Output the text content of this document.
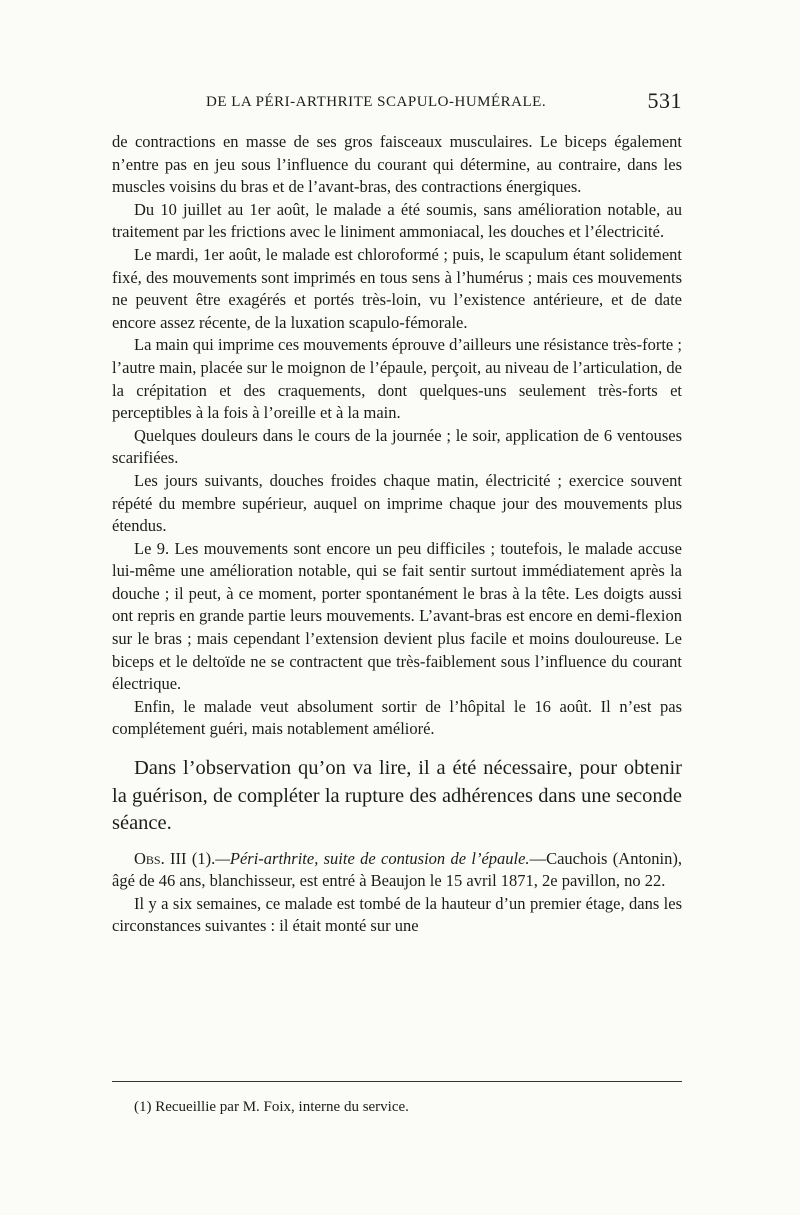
DE LA PÉRI-ARTHRITE SCAPULO-HUMÉRALE.	531

de contractions en masse de ses gros faisceaux musculaires. Le biceps également n’entre pas en jeu sous l’influence du courant qui détermine, au contraire, dans les muscles voisins du bras et de l’avant-bras, des contractions énergiques.

Du 10 juillet au 1er août, le malade a été soumis, sans amélioration notable, au traitement par les frictions avec le liniment ammoniacal, les douches et l’électricité.

Le mardi, 1er août, le malade est chloroformé ; puis, le scapulum étant solidement fixé, des mouvements sont imprimés en tous sens à l’humérus ; mais ces mouvements ne peuvent être exagérés et portés très-loin, vu l’existence antérieure, et de date encore assez récente, de la luxation scapulo-fémorale.

La main qui imprime ces mouvements éprouve d’ailleurs une résistance très-forte ; l’autre main, placée sur le moignon de l’épaule, perçoit, au niveau de l’articulation, de la crépitation et des craquements, dont quelques-uns seulement très-forts et perceptibles à la fois à l’oreille et à la main.

Quelques douleurs dans le cours de la journée ; le soir, application de 6 ventouses scarifiées.

Les jours suivants, douches froides chaque matin, électricité ; exercice souvent répété du membre supérieur, auquel on imprime chaque jour des mouvements plus étendus.

Le 9. Les mouvements sont encore un peu difficiles ; toutefois, le malade accuse lui-même une amélioration notable, qui se fait sentir surtout immédiatement après la douche ; il peut, à ce moment, porter spontanément le bras à la tête. Les doigts aussi ont repris en grande partie leurs mouvements. L’avant-bras est encore en demi-flexion sur le bras ; mais cependant l’extension devient plus facile et moins douloureuse. Le biceps et le deltoïde ne se contractent que très-faiblement sous l’influence du courant électrique.

Enfin, le malade veut absolument sortir de l’hôpital le 16 août. Il n’est pas complétement guéri, mais notablement amélioré.

Dans l’observation qu’on va lire, il a été nécessaire, pour obtenir la guérison, de compléter la rupture des adhérences dans une seconde séance.

Obs. III (1).—Péri-arthrite, suite de contusion de l’épaule.—Cauchois (Antonin), âgé de 46 ans, blanchisseur, est entré à Beaujon le 15 avril 1871, 2e pavillon, no 22.

Il y a six semaines, ce malade est tombé de la hauteur d’un premier étage, dans les circonstances suivantes : il était monté sur une

(1) Recueillie par M. Foix, interne du service.
